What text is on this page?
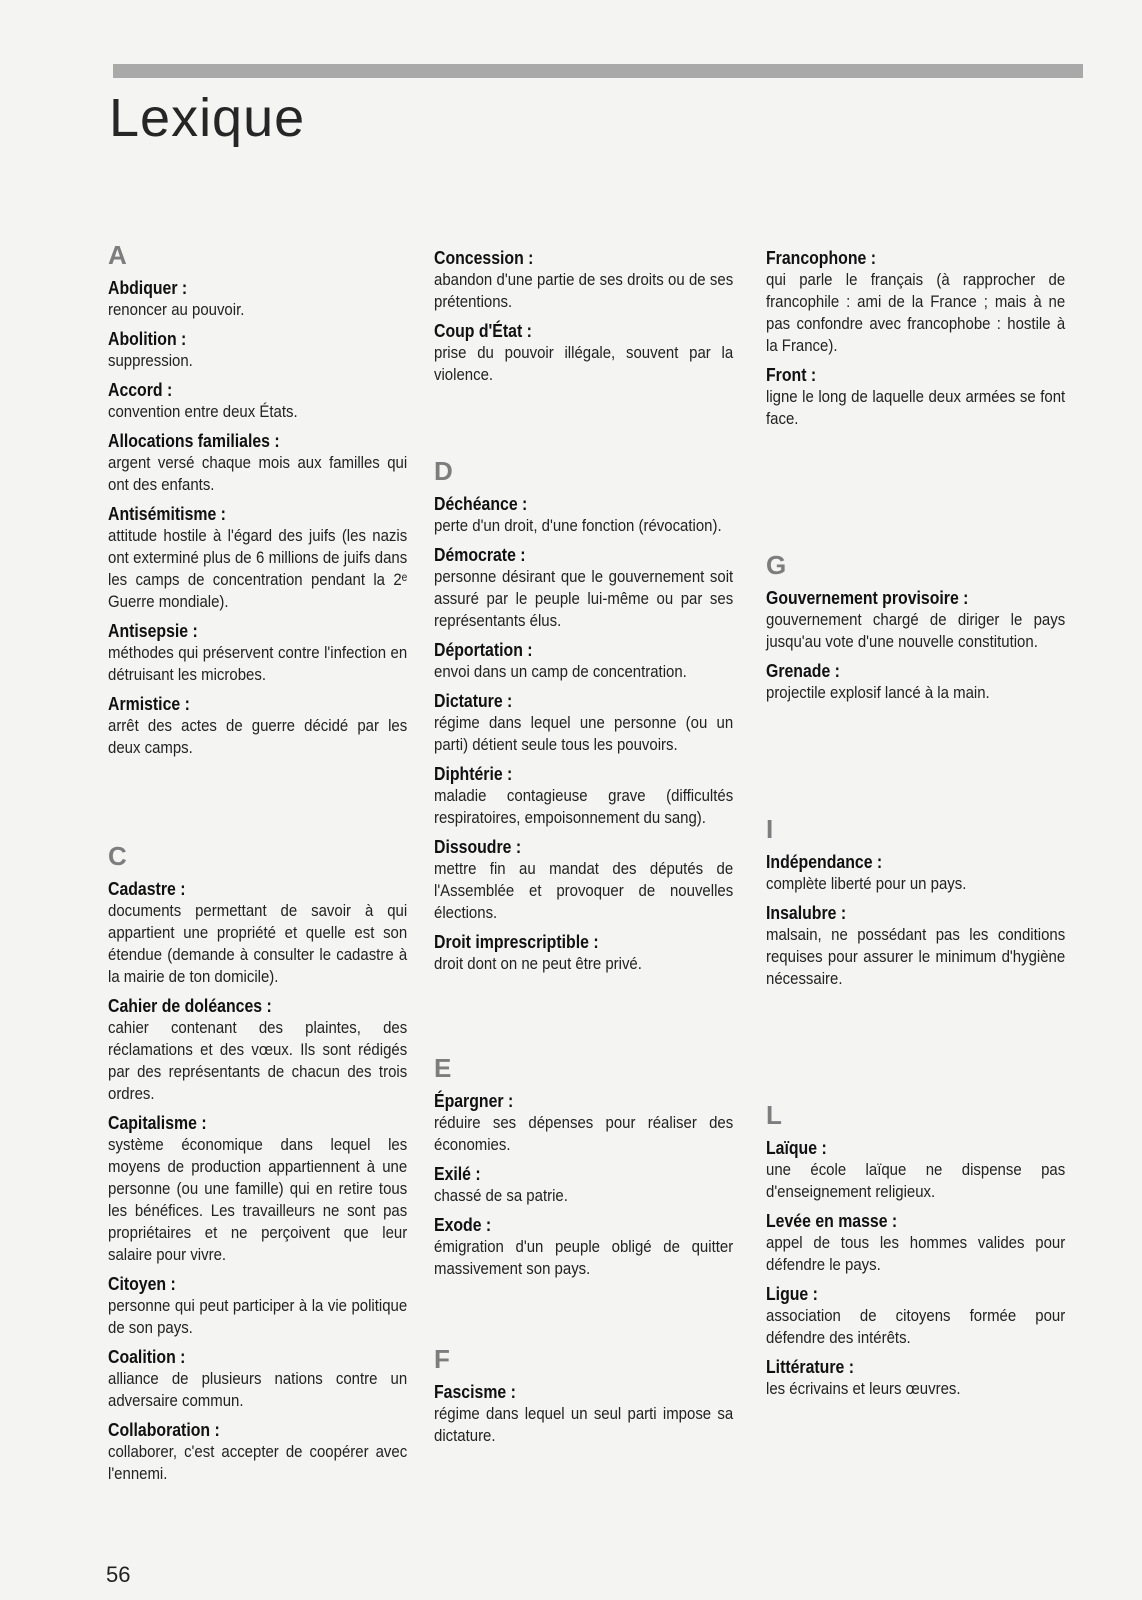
Lexique
A
Abdiquer :
renoncer au pouvoir.
Abolition :
suppression.
Accord :
convention entre deux États.
Allocations familiales :
argent versé chaque mois aux familles qui ont des enfants.
Antisémitisme :
attitude hostile à l'égard des juifs (les nazis ont exterminé plus de 6 millions de juifs dans les camps de concentration pendant la 2ᵉ Guerre mondiale).
Antisepsie :
méthodes qui préservent contre l'infection en détruisant les microbes.
Armistice :
arrêt des actes de guerre décidé par les deux camps.
C
Cadastre :
documents permettant de savoir à qui appartient une propriété et quelle est son étendue (demande à consulter le cadastre à la mairie de ton domicile).
Cahier de doléances :
cahier contenant des plaintes, des réclamations et des vœux. Ils sont rédigés par des représentants de chacun des trois ordres.
Capitalisme :
système économique dans lequel les moyens de production appartiennent à une personne (ou une famille) qui en retire tous les bénéfices. Les travailleurs ne sont pas propriétaires et ne perçoivent que leur salaire pour vivre.
Citoyen :
personne qui peut participer à la vie politique de son pays.
Coalition :
alliance de plusieurs nations contre un adversaire commun.
Collaboration :
collaborer, c'est accepter de coopérer avec l'ennemi.
Concession :
abandon d'une partie de ses droits ou de ses prétentions.
Coup d'État :
prise du pouvoir illégale, souvent par la violence.
D
Déchéance :
perte d'un droit, d'une fonction (révocation).
Démocrate :
personne désirant que le gouvernement soit assuré par le peuple lui-même ou par ses représentants élus.
Déportation :
envoi dans un camp de concentration.
Dictature :
régime dans lequel une personne (ou un parti) détient seule tous les pouvoirs.
Diphtérie :
maladie contagieuse grave (difficultés respiratoires, empoisonnement du sang).
Dissoudre :
mettre fin au mandat des députés de l'Assemblée et provoquer de nouvelles élections.
Droit imprescriptible :
droit dont on ne peut être privé.
E
Épargner :
réduire ses dépenses pour réaliser des économies.
Exilé :
chassé de sa patrie.
Exode :
émigration d'un peuple obligé de quitter massivement son pays.
F
Fascisme :
régime dans lequel un seul parti impose sa dictature.
Francophone :
qui parle le français (à rapprocher de francophile : ami de la France ; mais à ne pas confondre avec francophobe : hostile à la France).
Front :
ligne le long de laquelle deux armées se font face.
G
Gouvernement provisoire :
gouvernement chargé de diriger le pays jusqu'au vote d'une nouvelle constitution.
Grenade :
projectile explosif lancé à la main.
I
Indépendance :
complète liberté pour un pays.
Insalubre :
malsain, ne possédant pas les conditions requises pour assurer le minimum d'hygiène nécessaire.
L
Laïque :
une école laïque ne dispense pas d'enseignement religieux.
Levée en masse :
appel de tous les hommes valides pour défendre le pays.
Ligue :
association de citoyens formée pour défendre des intérêts.
Littérature :
les écrivains et leurs œuvres.
56
